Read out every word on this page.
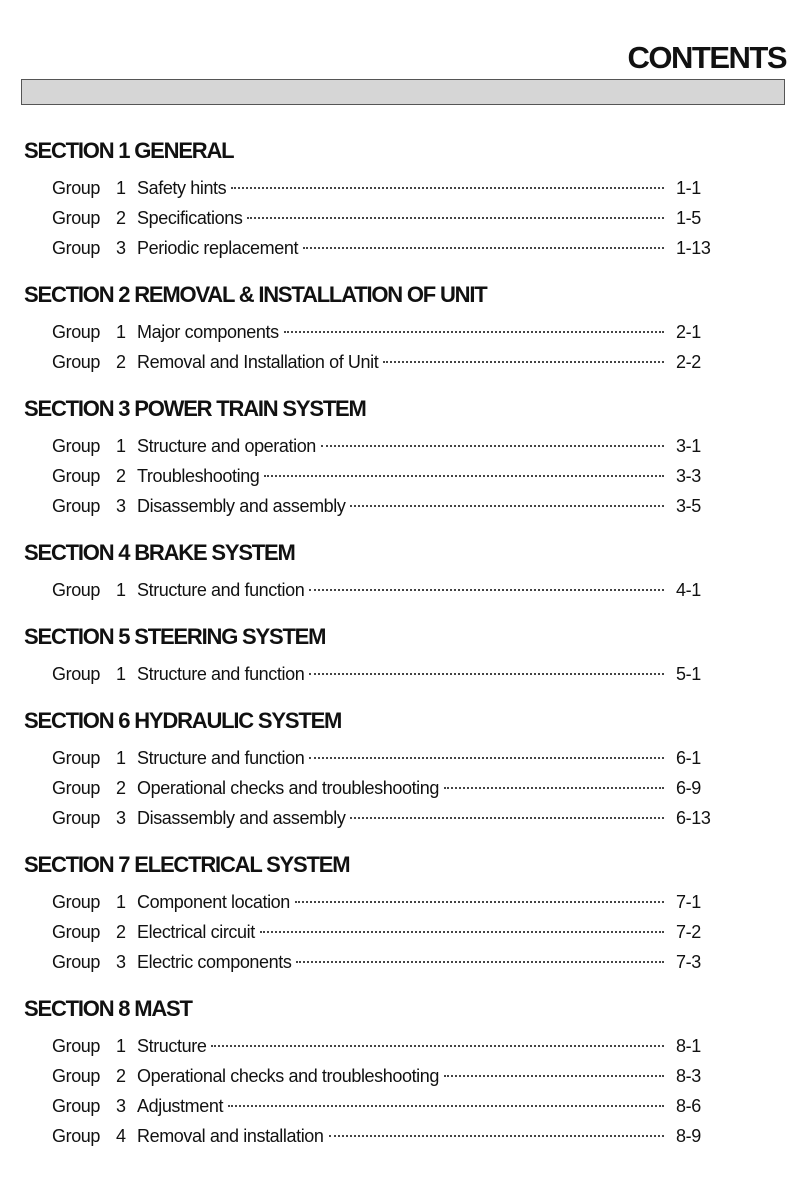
CONTENTS
SECTION 1 GENERAL
Group 1 Safety hints	1-1
Group 2 Specifications	1-5
Group 3 Periodic replacement	1-13
SECTION 2 REMOVAL & INSTALLATION OF UNIT
Group 1 Major components	2-1
Group 2 Removal and Installation of Unit	2-2
SECTION 3 POWER TRAIN SYSTEM
Group 1 Structure and operation	3-1
Group 2 Troubleshooting	3-3
Group 3 Disassembly and assembly	3-5
SECTION 4 BRAKE SYSTEM
Group 1 Structure and function	4-1
SECTION 5 STEERING SYSTEM
Group 1 Structure and function	5-1
SECTION 6 HYDRAULIC SYSTEM
Group 1 Structure and function	6-1
Group 2 Operational checks and troubleshooting	6-9
Group 3 Disassembly and assembly	6-13
SECTION 7 ELECTRICAL SYSTEM
Group 1 Component location	7-1
Group 2 Electrical circuit	7-2
Group 3 Electric components	7-3
SECTION 8 MAST
Group 1 Structure	8-1
Group 2 Operational checks and troubleshooting	8-3
Group 3 Adjustment	8-6
Group 4 Removal and installation	8-9
